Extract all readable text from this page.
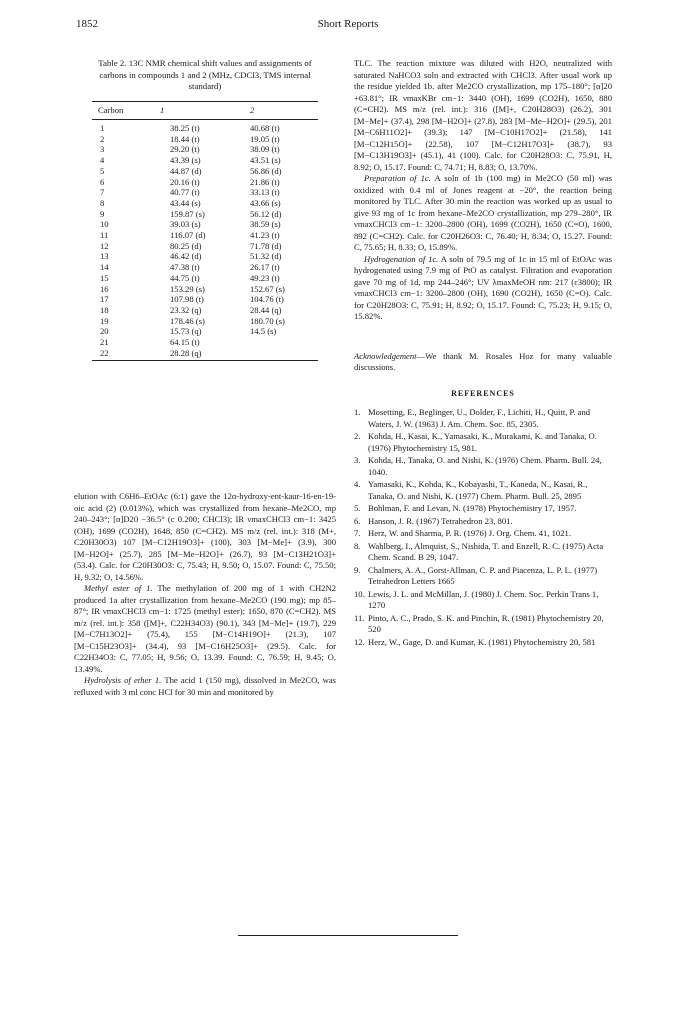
1852	Short Reports
Table 2. 13C NMR chemical shift values and assignments of carbons in compounds 1 and 2 (MHz, CDCl3, TMS internal standard)
Carbon	1	2
1	38.25 (t)	40.68 (t)
2	18.44 (t)	19.05 (t)
3	29.20 (t)	38.09 (t)
4	43.39 (s)	43.51 (s)
5	44.87 (d)	56.86 (d)
6	20.16 (t)	21.86 (t)
7	40.77 (t)	33.13 (t)
8	43.44 (s)	43.66 (s)
9	159.87 (s)	56.12 (d)
10	39.03 (s)	38.59 (s)
11	116.07 (d)	41.23 (t)
12	80.25 (d)	71.78 (d)
13	46.42 (d)	51.32 (d)
14	47.38 (t)	26.17 (t)
15	44.75 (t)	49.23 (t)
16	153.29 (s)	152.67 (s)
17	107.98 (t)	104.76 (t)
18	23.32 (q)	28.44 (q)
19	178.46 (s)	180.70 (s)
20	15.73 (q)	14.5 (s)
21	64.15 (t)	
22	28.28 (q)	

elution with C6H6–EtOAc (6:1) gave the 12α-hydroxy-ent-kaur-16-en-19-oic acid (2) (0.013%), which was crystallized from hexane–Me2CO, mp 240–243°; [α]D20 −36.5° (c 0.200; CHCl3); IR νmaxCHCl3 cm−1: 3425 (OH), 1699 (CO2H), 1648, 850 (C=CH2). MS m/z (rel. int.): 318 (M+, C20H30O3) 107 [M−C12H19O3]+ (100), 303 [M−Me]+ (3.9), 300 [M−H2O]+ (25.7), 285 [M−Me−H2O]+ (26.7), 93 [M−C13H21O3]+ (53.4). Calc. for C20H30O3: C, 75.43; H, 9.50; O, 15.07. Found: C, 75.50; H, 9.32; O, 14.56%.

Methyl ester of 1. The methylation of 200 mg of 1 with CH2N2 produced 1a after crystallization from hexane–Me2CO (190 mg); mp 85–87°; IR νmaxCHCl3 cm−1: 1725 (methyl ester); 1650, 870 (C=CH2). MS m/z (rel. int.): 358 ([M]+, C22H34O3) (90.1), 343 [M−Me]+ (19.7), 229 [M−C7H13O2]+ (75.4), 155 [M−C14H19O]+ (21.3), 107 [M−C15H23O3]+ (34.4), 93 [M−C16H25O3]+ (29.5). Calc. for C22H34O3: C, 77.05; H, 9.56; O, 13.39. Found: C, 76.59; H, 9.45; O, 13.49%.

Hydrolysis of ether 1. The acid 1 (150 mg), dissolved in Me2CO, was refluxed with 3 ml conc HCl for 30 min and monitored by

TLC. The reaction mixture was diluted with H2O, neutralized with saturated NaHCO3 soln and extracted with CHCl3. After usual work up the residue yielded 1b. after Me2CO crystallization, mp 175–180°; [α]20 +63.81°; IR νmaxKBr cm−1: 3440 (OH), 1699 (CO2H), 1650, 880 (C=CH2). MS m/z (rel. int.): 316 ([M]+, C20H28O3) (26.2), 301 [M−Me]+ (37.4), 298 [M−H2O]+ (27.8), 283 [M−Me−H2O]+ (29.5), 201 [M−C6H11O2]+ (39.3); 147 [M−C10H17O2]+ (21.58), 141 [M−C12H15O]+ (22.58), 107 [M−C12H17O3]+ (38.7), 93 [M−C13H19O3]+ (45.1), 41 (100). Calc. for C20H28O3: C, 75.91, H, 8.92; O, 15.17. Found: C, 74.71; H, 8.83; O, 13.70%.

Preparation of 1c. A soln of 1b (100 mg) in Me2CO (50 ml) was oxidized with 0.4 ml of Jones reagent at −20°, the reaction being monitored by TLC. After 30 min the reaction was worked up as usual to give 93 mg of 1c from hexane–Me2CO crystallization, mp 279–280°, IR νmaxCHCl3 cm−1: 3200–2800 (OH), 1699 (CO2H), 1650 (C=O), 1600, 892 (C=CH2). Calc. for C20H26O3: C, 76.40; H, 8.34; O, 15.27. Found: C, 75.65; H, 8.33; O, 15.89%.

Hydrogenation of 1c. A soln of 79.5 mg of 1c in 15 ml of EtOAc was hydrogenated using 7.9 mg of PtO as catalyst. Filtration and evaporation gave 70 mg of 1d, mp 244–246°; UV λmaxMeOH nm: 217 (ε3800); IR νmaxCHCl3 cm−1: 3200–2800 (OH), 1690 (CO2H), 1650 (C=O). Calc. for C20H28O3: C, 75.91; H, 8.92; O, 15.17. Found: C, 75.23; H, 9.15; O, 15.82%.

Acknowledgement—We thank M. Rosales Hoz for many valuable discussions.

REFERENCES
1. Mosetting, E., Beglinger, U., Dolder, F., Lichiti, H., Quitt, P. and Waters, J. W. (1963) J. Am. Chem. Soc. 85, 2305.
2. Kohda, H., Kasai, K., Yamasaki, K., Murakami, K. and Tanaka, O. (1976) Phytochemistry 15, 981.
3. Kohda, H., Tanaka, O. and Nishi, K. (1976) Chem. Pharm. Bull. 24, 1040.
4. Yamasaki, K., Kohda, K., Kobayashi, T., Kaneda, N., Kasai, R., Tanaka, O. and Nishi, K. (1977) Chem. Pharm. Bull. 25, 2895
5. Bohlman, F. and Levan, N. (1978) Phytochemistry 17, 1957.
6. Hanson, J. R. (1967) Tetrahedron 23, 801.
7. Herz, W. and Sharma, P. R. (1976) J. Org. Chem. 41, 1021.
8. Wahlberg, I., Almquist, S., Nishida, T. and Enzell, R. C. (1975) Acta Chem. Scand. B 29, 1047.
9. Chalmers, A. A., Gorst-Allman, C. P. and Piacenza, L. P. L. (1977) Tetrahedron Letters 1665
10. Lewis, J. L. and McMillan, J. (1980) J. Chem. Soc. Perkin Trans 1, 1270
11. Pinto, A. C., Prado, S. K. and Pinchin, R. (1981) Phytochemistry 20, 520
12. Herz, W., Gage, D. and Kumar, K. (1981) Phytochemistry 20, 581
